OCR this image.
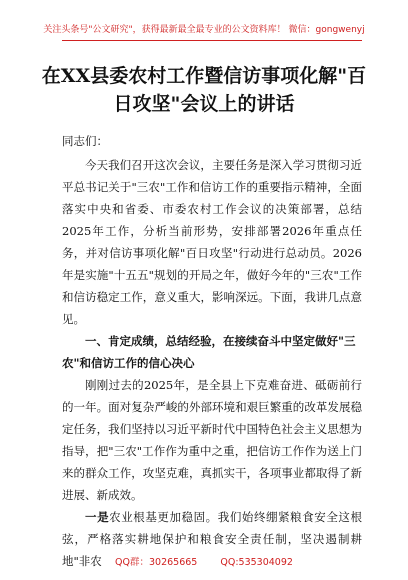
关注头条号"公文研究"，获得最新最全最专业的公文资料库！ 微信：gongwenyj
在XX县委农村工作暨信访事项化解"百日攻坚"会议上的讲话

同志们：

今天我们召开这次会议，主要任务是深入学习贯彻习近平总书记关于"三农"工作和信访工作的重要指示精神，全面落实中央和省委、市委农村工作会议的决策部署，总结2025年工作，分析当前形势，安排部署2026年重点任务，并对信访事项化解"百日攻坚"行动进行总动员。2026年是实施"十五五"规划的开局之年，做好今年的"三农"工作和信访稳定工作，意义重大，影响深远。下面，我讲几点意见。

一、肯定成绩，总结经验，在接续奋斗中坚定做好"三农"和信访工作的信心决心

刚刚过去的2025年，是全县上下克难奋进、砥砺前行的一年。面对复杂严峻的外部环境和艰巨繁重的改革发展稳定任务，我们坚持以习近平新时代中国特色社会主义思想为指导，把"三农"工作作为重中之重，把信访工作作为送上门来的群众工作，攻坚克难，真抓实干，各项事业都取得了新进展、新成效。

一是农业根基更加稳固。我们始终绷紧粮食安全这根弦，严格落实耕地保护和粮食安全责任制，坚决遏制耕地"非农	QQ群：30265665 QQ:535304092
